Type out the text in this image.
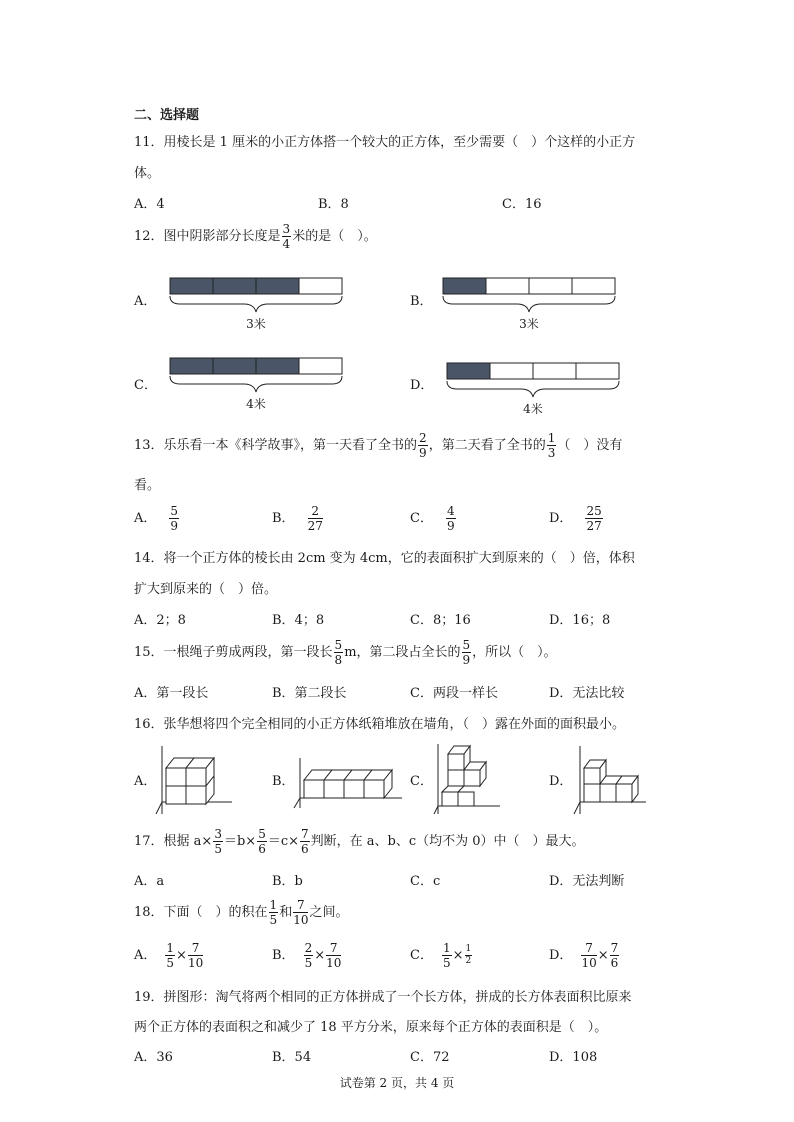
二、选择题
11．用棱长是 1 厘米的小正方体搭一个较大的正方体，至少需要（　）个这样的小正方
体。
A．4	B．8	C．16
12．图中阴影部分长度是 $\frac{3}{4}$ 米的是（　）。
A．
3米
B．
3米
C．
4米
D．
4米
13．乐乐看一本《科学故事》，第一天看了全书的 $\frac{2}{9}$ ，第二天看了全书的 $\frac{1}{3}$ （　）没有
看。
A． $\frac{5}{9}$	B． $\frac{2}{27}$	C． $\frac{4}{9}$	D． $\frac{25}{27}$
14．将一个正方体的棱长由 2cm 变为 4cm，它的表面积扩大到原来的（　）倍，体积
扩大到原来的（　）倍。
A．2；8	B．4；8	C．8；16	D．16；8
15．一根绳子剪成两段，第一段长 $\frac{5}{8}$ m，第二段占全长的 $\frac{5}{9}$ ，所以（　）。
A．第一段长	B．第二段长	C．两段一样长	D．无法比较
16．张华想将四个完全相同的小正方体纸箱堆放在墙角，（　）露在外面的面积最小。
A．	B．	C．	D．
17．根据 $a\times \frac{3}{5} =b\times \frac{5}{6} =c\times \frac{7}{6}$ 判断，在 a、b、c（均不为 0）中（　）最大。
A．a	B．b	C．c	D．无法判断
18．下面（　）的积在 $\frac{1}{5}$ 和 $\frac{7}{10}$ 之间。
A． $\frac{1}{5} \times \frac{7}{10}$	B． $\frac{2}{5} \times \frac{7}{10}$	C． $\frac{1}{5} \times \frac{1}{2}$	D． $\frac{7}{10} \times \frac{7}{6}$
19．拼图形：淘气将两个相同的正方体拼成了一个长方体，拼成的长方体表面积比原来
两个正方体的表面积之和减少了 18 平方分米，原来每个正方体的表面积是（　）。
A．36	B．54	C．72	D．108
试卷第 2 页，共 4 页
